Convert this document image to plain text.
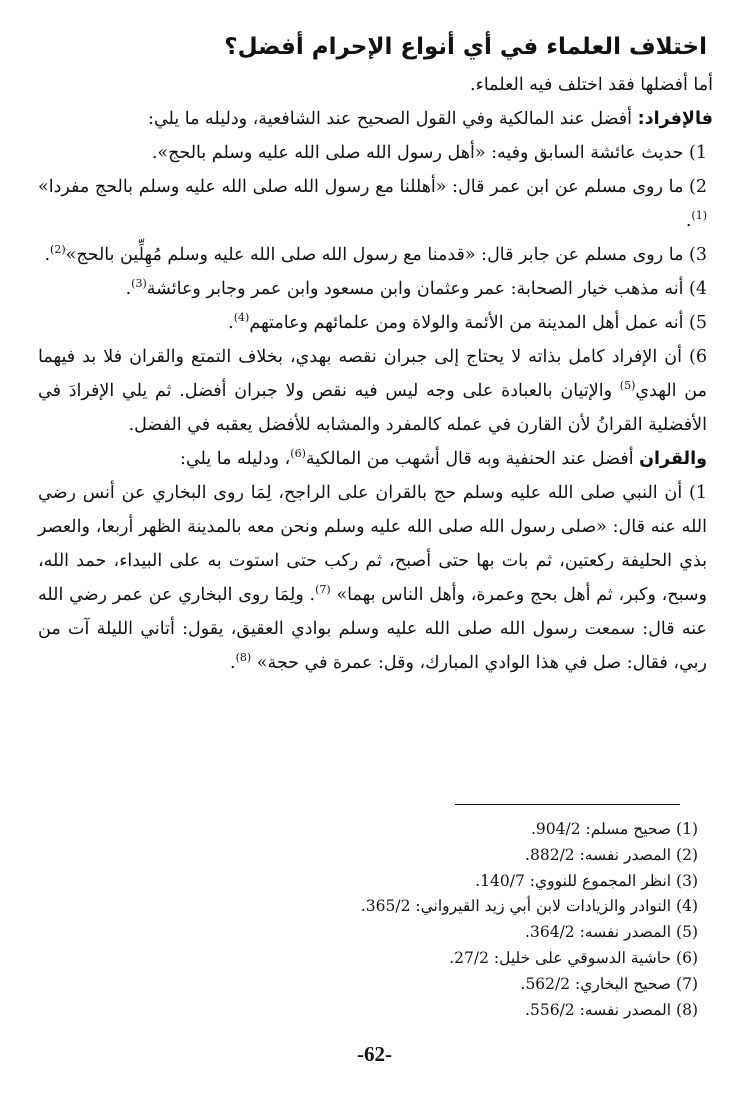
اختلاف العلماء في أي أنواع الإحرام أفضل؟

أما أفضلها فقد اختلف فيه العلماء.

فالإفراد: أفضل عند المالكية وفي القول الصحيح عند الشافعية، ودليله ما يلي:

1) حديث عائشة السابق وفيه: «أهل رسول الله صلى الله عليه وسلم بالحج».

2) ما روى مسلم عن ابن عمر قال: «أهللنا مع رسول الله صلى الله عليه وسلم بالحج مفردا» $^{(1)}$.

3) ما روى مسلم عن جابر قال: «قدمنا مع رسول الله صلى الله عليه وسلم مُهِلِّين بالحج»$^{(2)}$.

4) أنه مذهب خيار الصحابة: عمر وعثمان وابن مسعود وابن عمر وجابر وعائشة$^{(3)}$.

5) أنه عمل أهل المدينة من الأئمة والولاة ومن علمائهم وعامتهم$^{(4)}$.

6) أن الإفراد كامل بذاته لا يحتاج إلى جبران نقصه بهدي، بخلاف التمتع والقران فلا بد فيهما من الهدي$^{(5)}$ والإتيان بالعبادة على وجه ليس فيه نقص ولا جبران أفضل. ثم يلي الإفرادَ في الأفضلية القرانُ لأن القارن في عمله كالمفرد والمشابه للأفضل يعقبه في الفضل.

والقران أفضل عند الحنفية وبه قال أشهب من المالكية$^{(6)}$، ودليله ما يلي:

1) أن النبي صلى الله عليه وسلم حج بالقران على الراجح، لِمَا روى البخاري عن أنس رضي الله عنه قال: «صلى رسول الله صلى الله عليه وسلم ونحن معه بالمدينة الظهر أربعا، والعصر بذي الحليفة ركعتين، ثم بات بها حتى أصبح، ثم ركب حتى استوت به على البيداء، حمد الله، وسبح، وكبر، ثم أهل بحج وعمرة، وأهل الناس بهما» $^{(7)}$. ولِمَا روى البخاري عن عمر رضي الله عنه قال: سمعت رسول الله صلى الله عليه وسلم بوادي العقيق، يقول: أتاني الليلة آت من ربي، فقال: صل في هذا الوادي المبارك، وقل: عمرة في حجة» $^{(8)}$.

(1) صحيح مسلم: 904/2.

(2) المصدر نفسه: 882/2.

(3) انظر المجموع للنووي: 140/7.

(4) النوادر والزيادات لابن أبي زيد القيرواني: 365/2.

(5) المصدر نفسه: 364/2.

(6) حاشية الدسوقي على خليل: 27/2.

(7) صحيح البخاري: 562/2.

(8) المصدر نفسه: 556/2.

-62-
